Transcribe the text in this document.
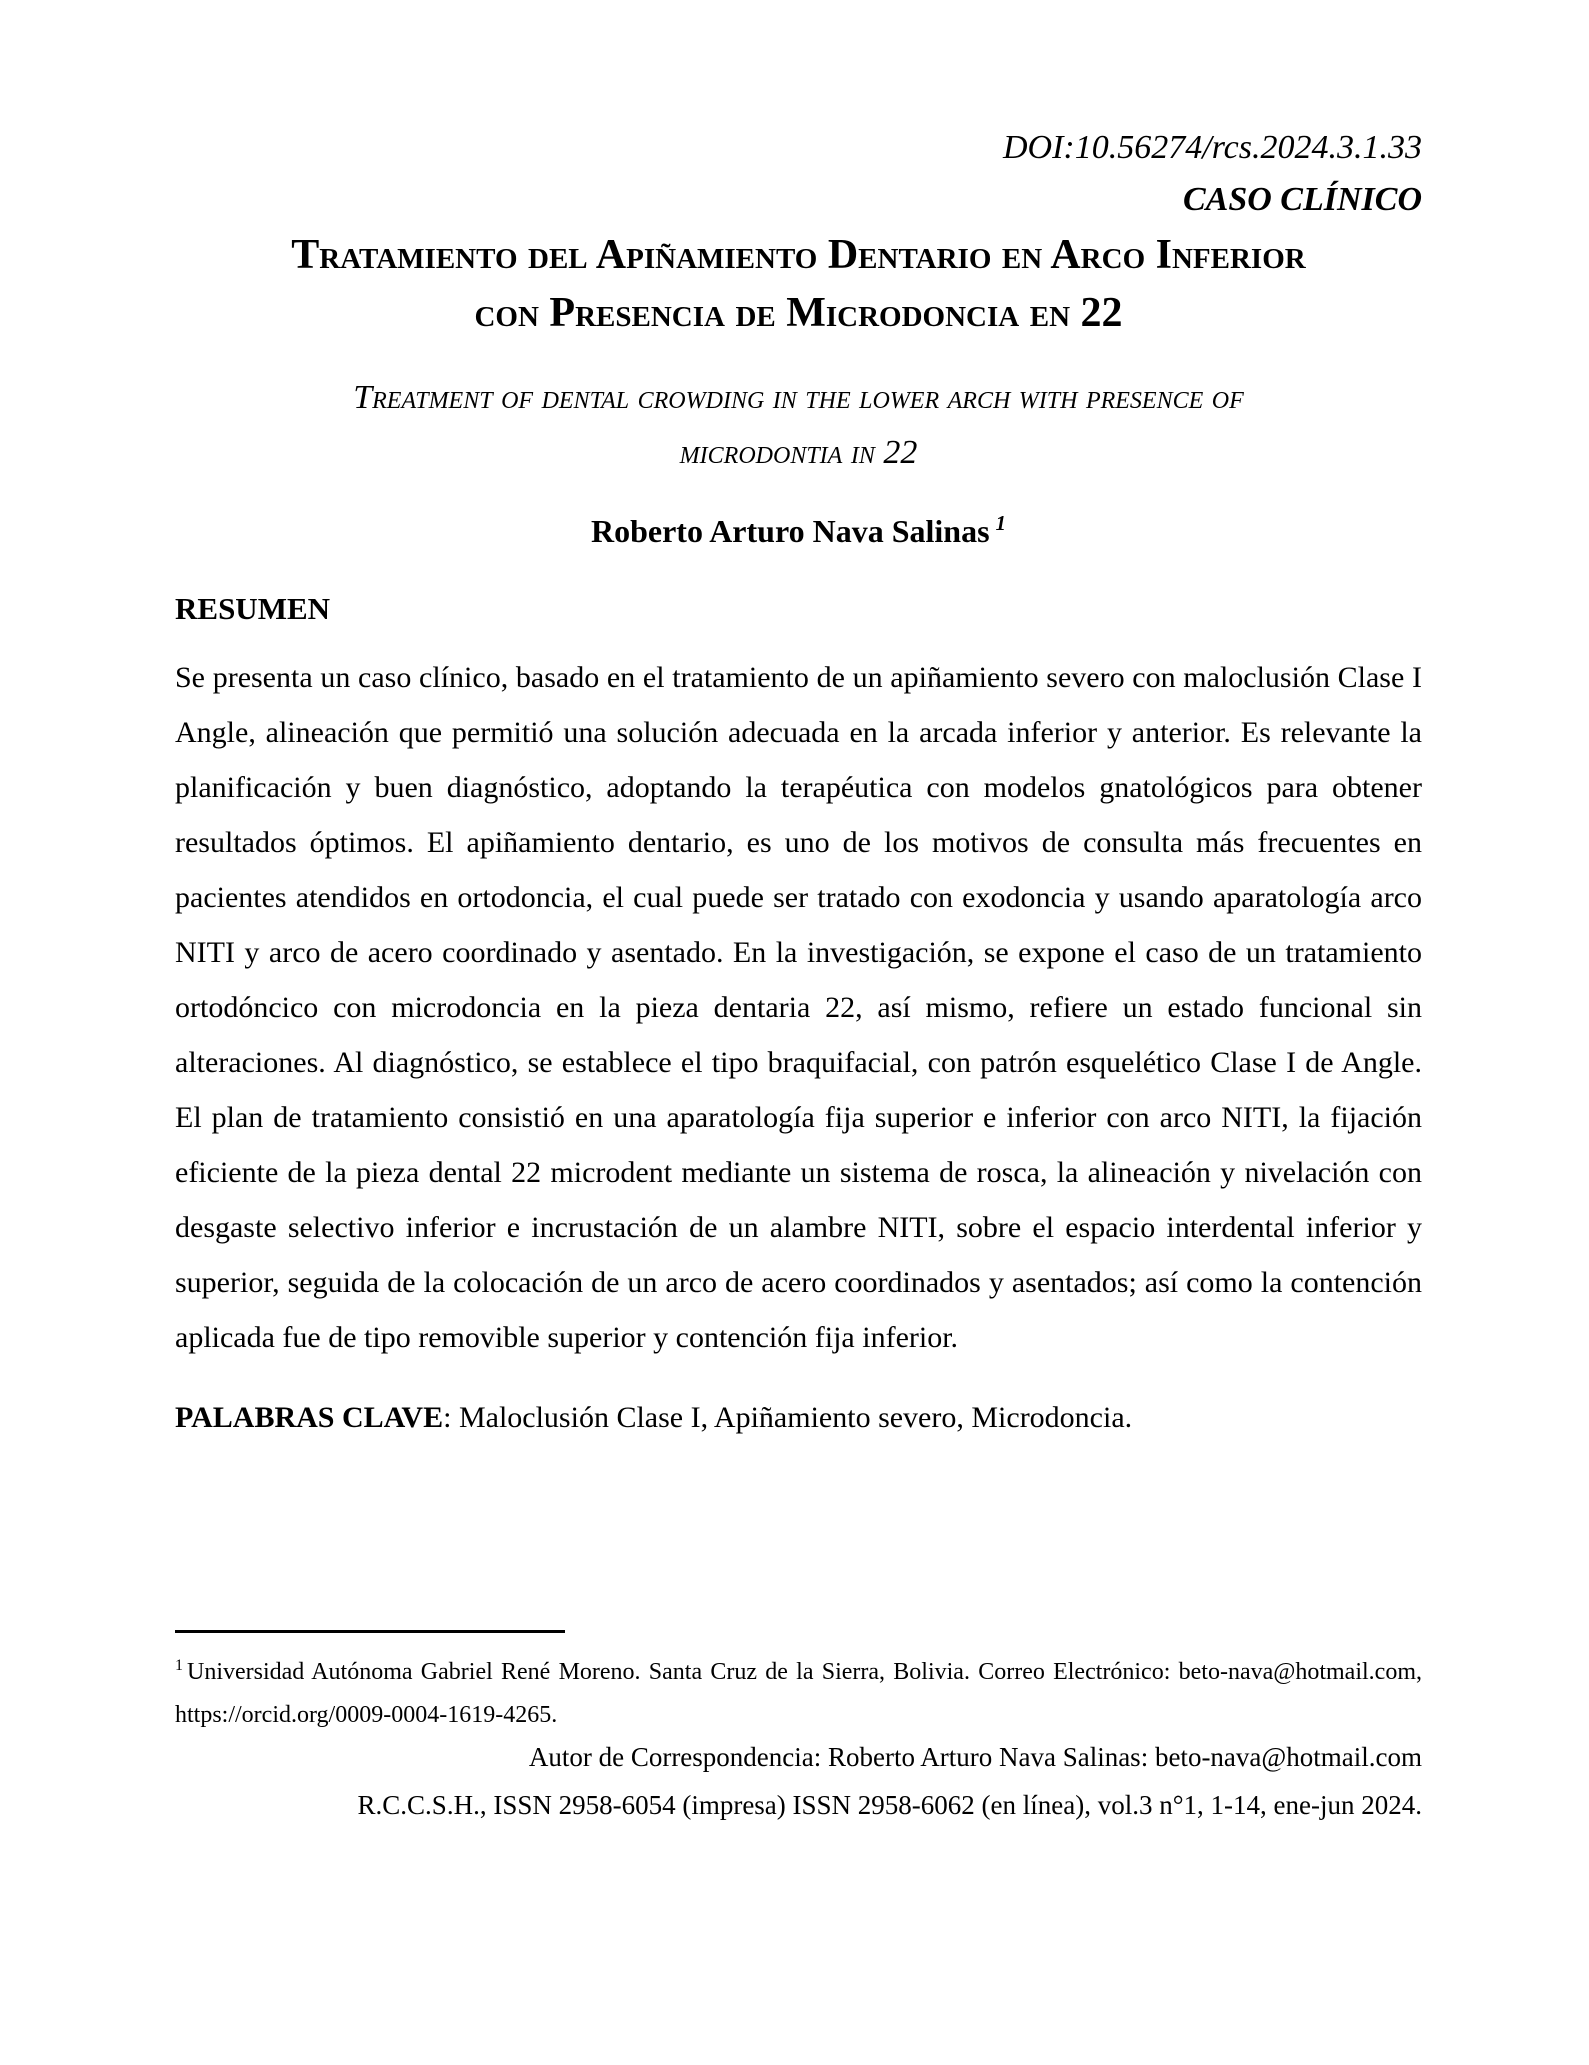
DOI:10.56274/rcs.2024.3.1.33
CASO CLÍNICO
Tratamiento del Apiñamiento Dentario en Arco Inferior
con Presencia de Microdoncia en 22
Treatment of dental crowding in the lower arch with presence of
microdontia in 22
Roberto Arturo Nava Salinas $^1$
RESUMEN

Se presenta un caso clínico, basado en el tratamiento de un apiñamiento severo con maloclusión Clase I Angle, alineación que permitió una solución adecuada en la arcada inferior y anterior. Es relevante la planificación y buen diagnóstico, adoptando la terapéutica con modelos gnatológicos para obtener resultados óptimos. El apiñamiento dentario, es uno de los motivos de consulta más frecuentes en pacientes atendidos en ortodoncia, el cual puede ser tratado con exodoncia y usando aparatología arco NITI y arco de acero coordinado y asentado. En la investigación, se expone el caso de un tratamiento ortodóncico con microdoncia en la pieza dentaria 22, así mismo, refiere un estado funcional sin alteraciones. Al diagnóstico, se establece el tipo braquifacial, con patrón esquelético Clase I de Angle. El plan de tratamiento consistió en una aparatología fija superior e inferior con arco NITI, la fijación eficiente de la pieza dental 22 microdent mediante un sistema de rosca, la alineación y nivelación con desgaste selectivo inferior e incrustación de un alambre NITI, sobre el espacio interdental inferior y superior, seguida de la colocación de un arco de acero coordinados y asentados; así como la contención aplicada fue de tipo removible superior y contención fija inferior.

PALABRAS CLAVE: Maloclusión Clase I, Apiñamiento severo, Microdoncia.

$^1$ Universidad Autónoma Gabriel René Moreno. Santa Cruz de la Sierra, Bolivia. Correo Electrónico: beto-nava@hotmail.com,
https://orcid.org/0009-0004-1619-4265.
Autor de Correspondencia: Roberto Arturo Nava Salinas: beto-nava@hotmail.com
R.C.C.S.H., ISSN 2958-6054 (impresa) ISSN 2958-6062 (en línea), vol.3 n°1, 1-14, ene-jun 2024.
